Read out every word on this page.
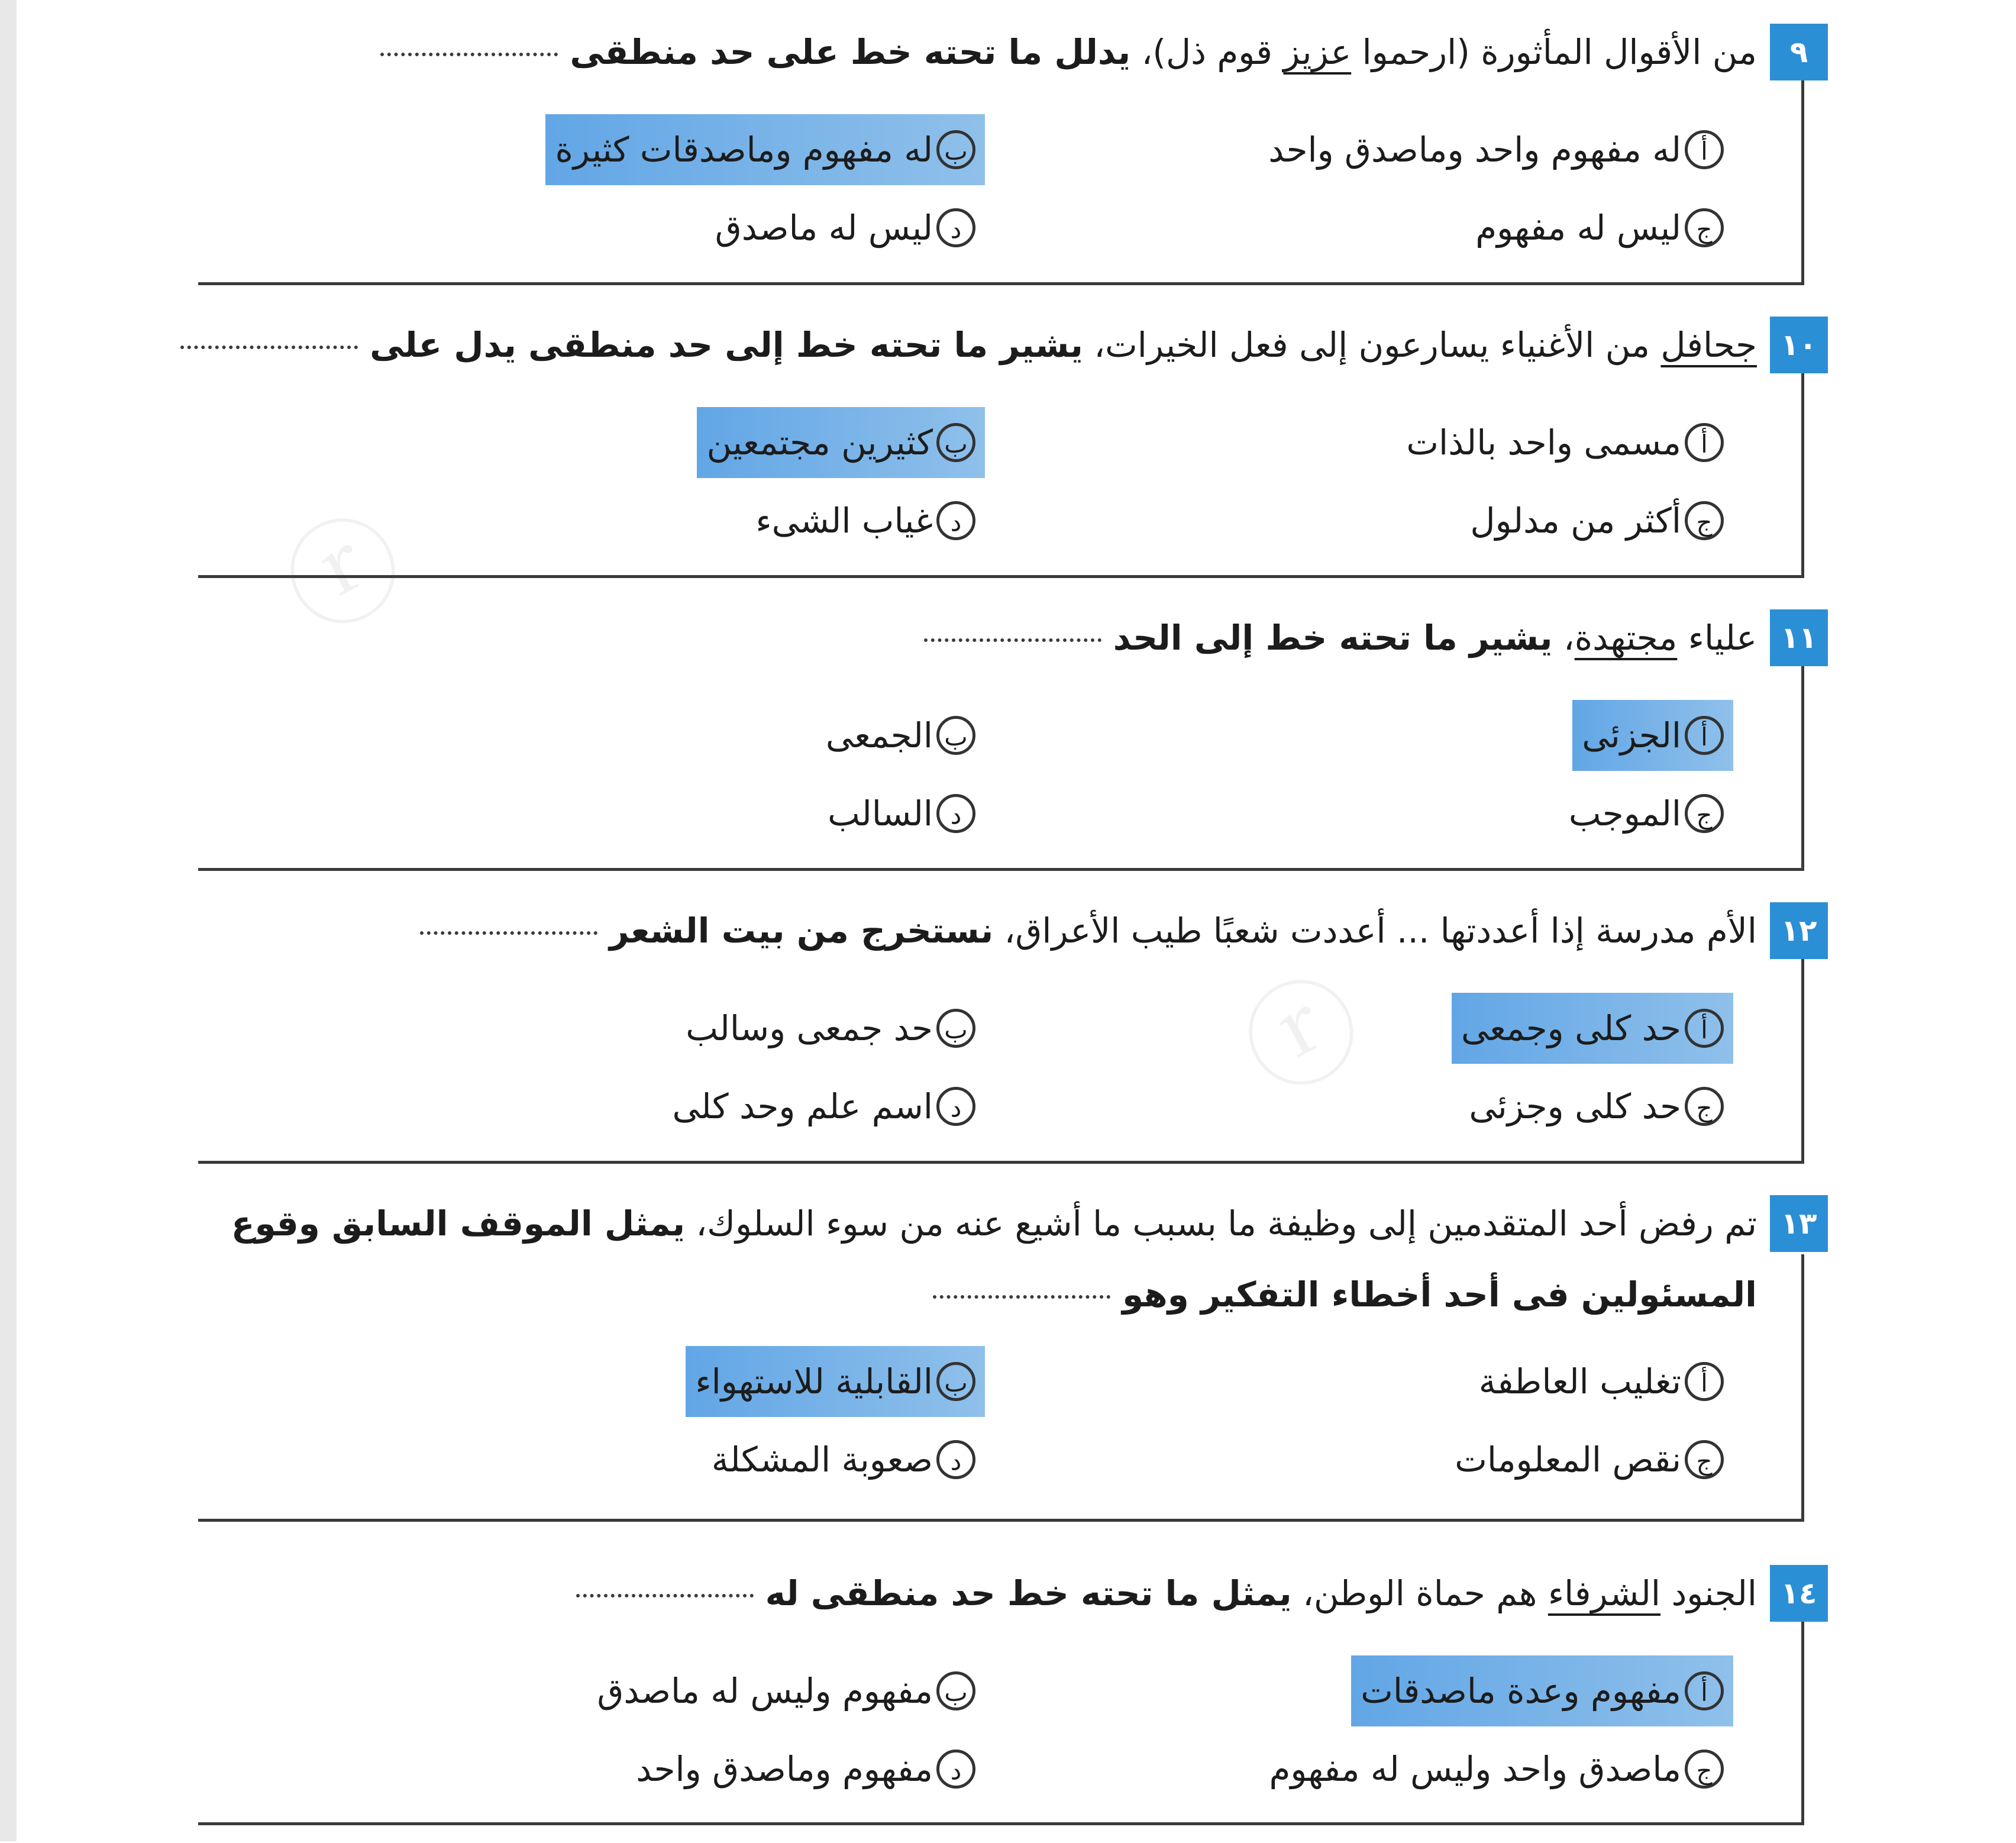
ⓡ
ⓡ
٩
من الأقوال المأثورة (ارحموا عزيز قوم ذل)، يدلل ما تحته خط على حد منطقى
أله مفهوم واحد وماصدق واحد
بله مفهوم وماصدقات كثيرة
جليس له مفهوم
دليس له ماصدق
١٠
جحافل من الأغنياء يسارعون إلى فعل الخيرات، يشير ما تحته خط إلى حد منطقى يدل على
أمسمى واحد بالذات
بكثيرين مجتمعين
جأكثر من مدلول
دغياب الشىء
١١
علياء مجتهدة، يشير ما تحته خط إلى الحد
أالجزئى
بالجمعى
جالموجب
دالسالب
١٢
الأم مدرسة إذا أعددتها ... أعددت شعبًا طيب الأعراق، نستخرج من بيت الشعر
أحد كلى وجمعى
بحد جمعى وسالب
جحد كلى وجزئى
داسم علم وحد كلى
١٣
تم رفض أحد المتقدمين إلى وظيفة ما بسبب ما أشيع عنه من سوء السلوك، يمثل الموقف السابق وقوع
المسئولين فى أحد أخطاء التفكير وهو
أتغليب العاطفة
بالقابلية للاستهواء
جنقص المعلومات
دصعوبة المشكلة
١٤
الجنود الشرفاء هم حماة الوطن، يمثل ما تحته خط حد منطقى له
أمفهوم وعدة ماصدقات
بمفهوم وليس له ماصدق
جماصدق واحد وليس له مفهوم
دمفهوم وماصدق واحد
